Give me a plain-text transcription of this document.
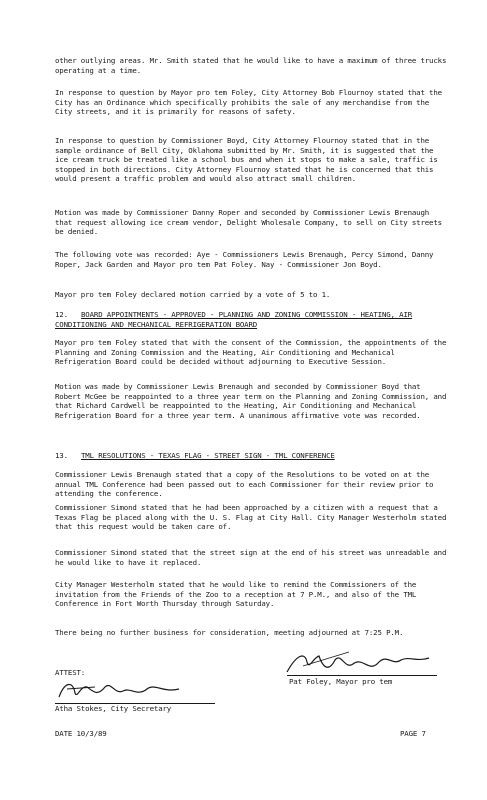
other outlying areas. Mr. Smith stated that he would like to have a maximum of three trucks operating at a time.

In response to question by Mayor pro tem Foley, City Attorney Bob Flournoy stated that the City has an Ordinance which specifically prohibits the sale of any merchandise from the City streets, and it is primarily for reasons of safety.

In response to question by Commissioner Boyd, City Attorney Flournoy stated that in the sample ordinance of Bell City, Oklahoma submitted by Mr. Smith, it is suggested that the ice cream truck be treated like a school bus and when it stops to make a sale, traffic is stopped in both directions. City Attorney Flournoy stated that he is concerned that this would present a traffic problem and would also attract small children.

Motion was made by Commissioner Danny Roper and seconded by Commissioner Lewis Brenaugh that request allowing ice cream vendor, Delight Wholesale Company, to sell on City streets be denied.

The following vote was recorded: Aye - Commissioners Lewis Brenaugh, Percy Simond, Danny Roper, Jack Garden and Mayor pro tem Pat Foley. Nay - Commissioner Jon Boyd.

Mayor pro tem Foley declared motion carried by a vote of 5 to 1.

12. BOARD APPOINTMENTS - APPROVED - PLANNING AND ZONING COMMISSION - HEATING, AIR CONDITIONING AND MECHANICAL REFRIGERATION BOARD

Mayor pro tem Foley stated that with the consent of the Commission, the appointments of the Planning and Zoning Commission and the Heating, Air Conditioning and Mechanical Refrigeration Board could be decided without adjourning to Executive Session.

Motion was made by Commissioner Lewis Brenaugh and seconded by Commissioner Boyd that Robert McGee be reappointed to a three year term on the Planning and Zoning Commission, and that Richard Cardwell be reappointed to the Heating, Air Conditioning and Mechanical Refrigeration Board for a three year term. A unanimous affirmative vote was recorded.

13. TML RESOLUTIONS - TEXAS FLAG - STREET SIGN - TML CONFERENCE

Commissioner Lewis Brenaugh stated that a copy of the Resolutions to be voted on at the annual TML Conference had been passed out to each Commissioner for their review prior to attending the conference.

Commissioner Simond stated that he had been approached by a citizen with a request that a Texas Flag be placed along with the U. S. Flag at City Hall. City Manager Westerholm stated that this request would be taken care of.

Commissioner Simond stated that the street sign at the end of his street was unreadable and he would like to have it replaced.

City Manager Westerholm stated that he would like to remind the Commissioners of the invitation from the Friends of the Zoo to a reception at 7 P.M., and also of the TML Conference in Fort Worth Thursday through Saturday.

There being no further business for consideration, meeting adjourned at 7:25 P.M.

Pat Foley, Mayor pro tem
ATTEST:
Atha Stokes, City Secretary
DATE 10/3/89	PAGE 7
